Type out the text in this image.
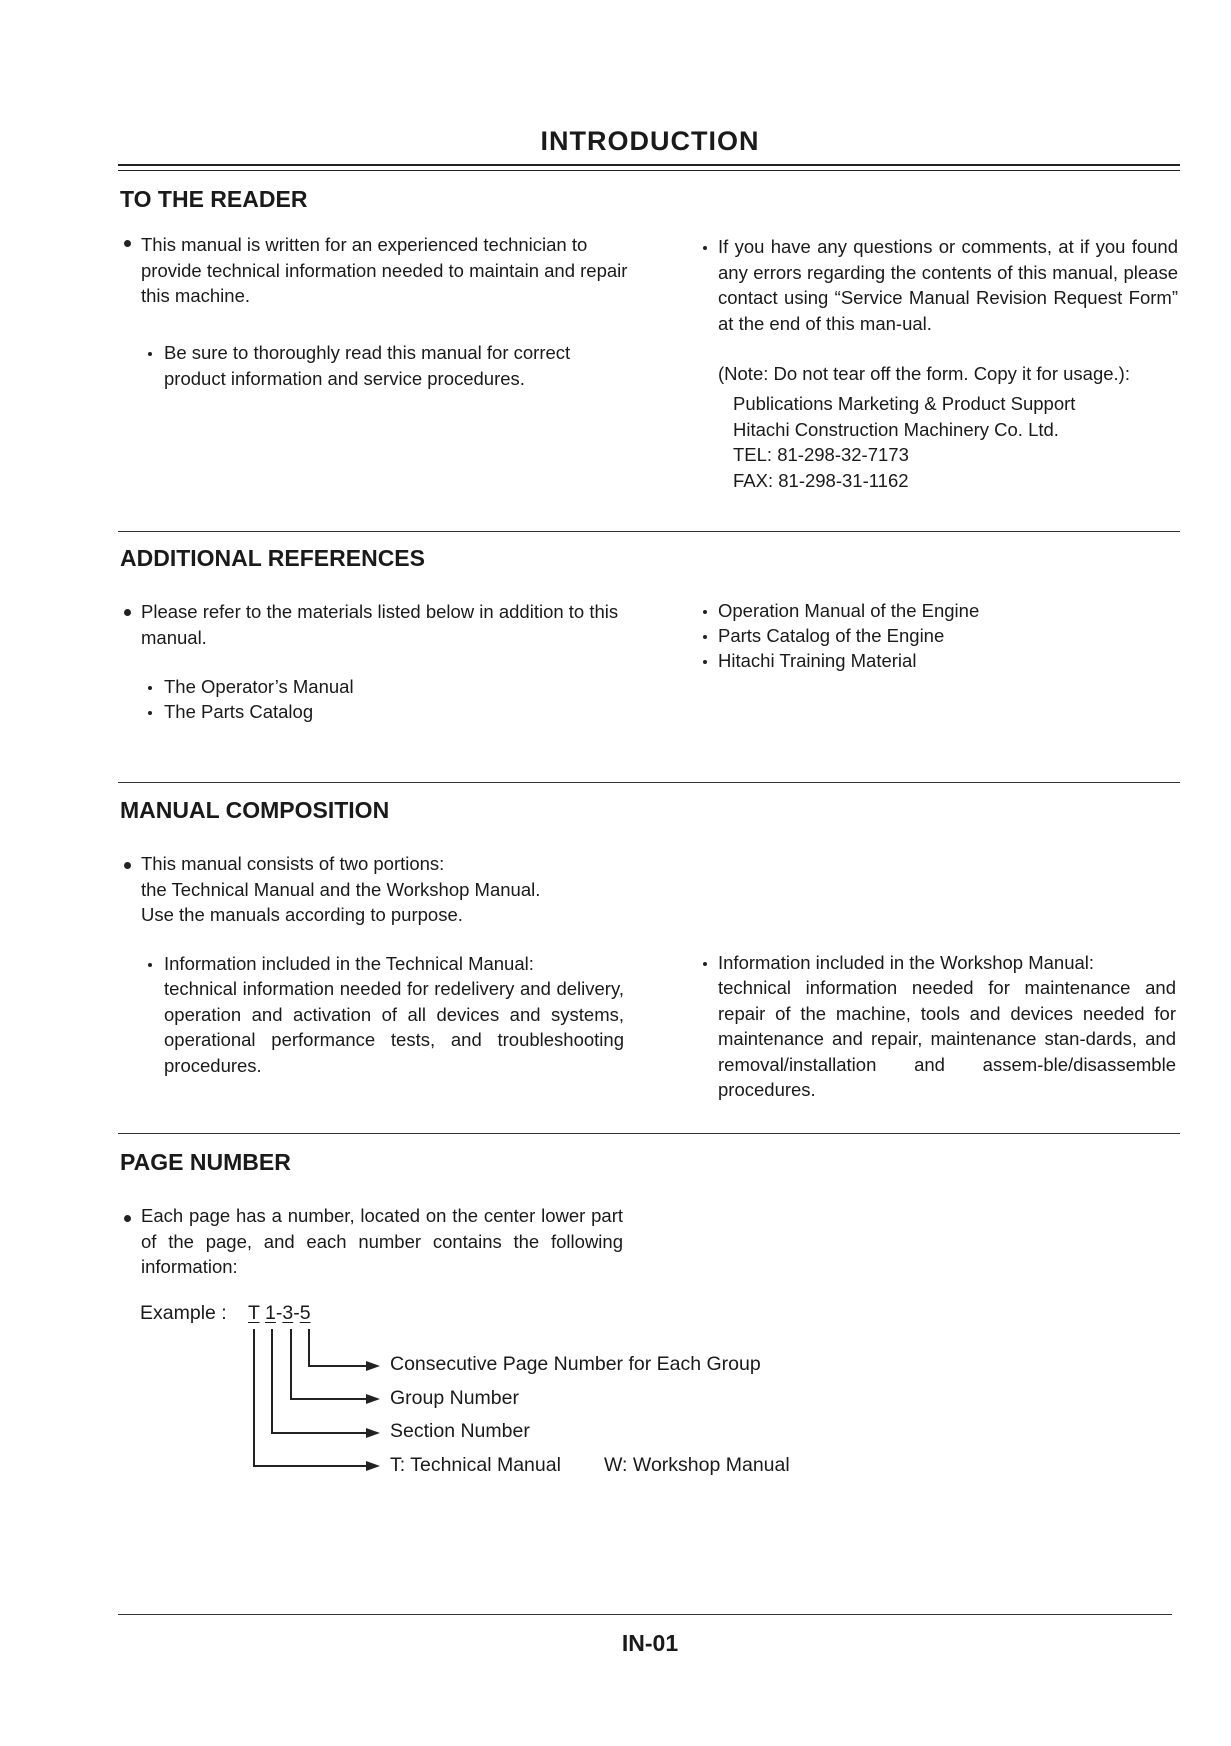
INTRODUCTION
TO THE READER
This manual is written for an experienced technician to provide technical information needed to maintain and repair this machine.
Be sure to thoroughly read this manual for correct product information and service procedures.
If you have any questions or comments, at if you found any errors regarding the contents of this manual, please contact using “Service Manual Revision Request Form” at the end of this man-ual.
(Note: Do not tear off the form. Copy it for usage.):
Publications Marketing & Product Support
Hitachi Construction Machinery Co. Ltd.
TEL: 81-298-32-7173
FAX: 81-298-31-1162
ADDITIONAL REFERENCES
Please refer to the materials listed below in addition to this manual.
The Operator’s Manual
The Parts Catalog
Operation Manual of the Engine
Parts Catalog of the Engine
Hitachi Training Material
MANUAL COMPOSITION
This manual consists of two portions:
the Technical Manual and the Workshop Manual.
Use the manuals according to purpose.
Information included in the Technical Manual:
technical information needed for redelivery and delivery, operation and activation of all devices and systems, operational performance tests, and troubleshooting procedures.
Information included in the Workshop Manual:
technical information needed for maintenance and repair of the machine, tools and devices needed for maintenance and repair, maintenance stan-dards, and removal/installation and assem-ble/disassemble procedures.
PAGE NUMBER
Each page has a number, located on the center lower part of the page, and each number contains the following information:
Example : T 1-3-5
Consecutive Page Number for Each Group
Group Number
Section Number
T: Technical Manual W: Workshop Manual
IN-01
